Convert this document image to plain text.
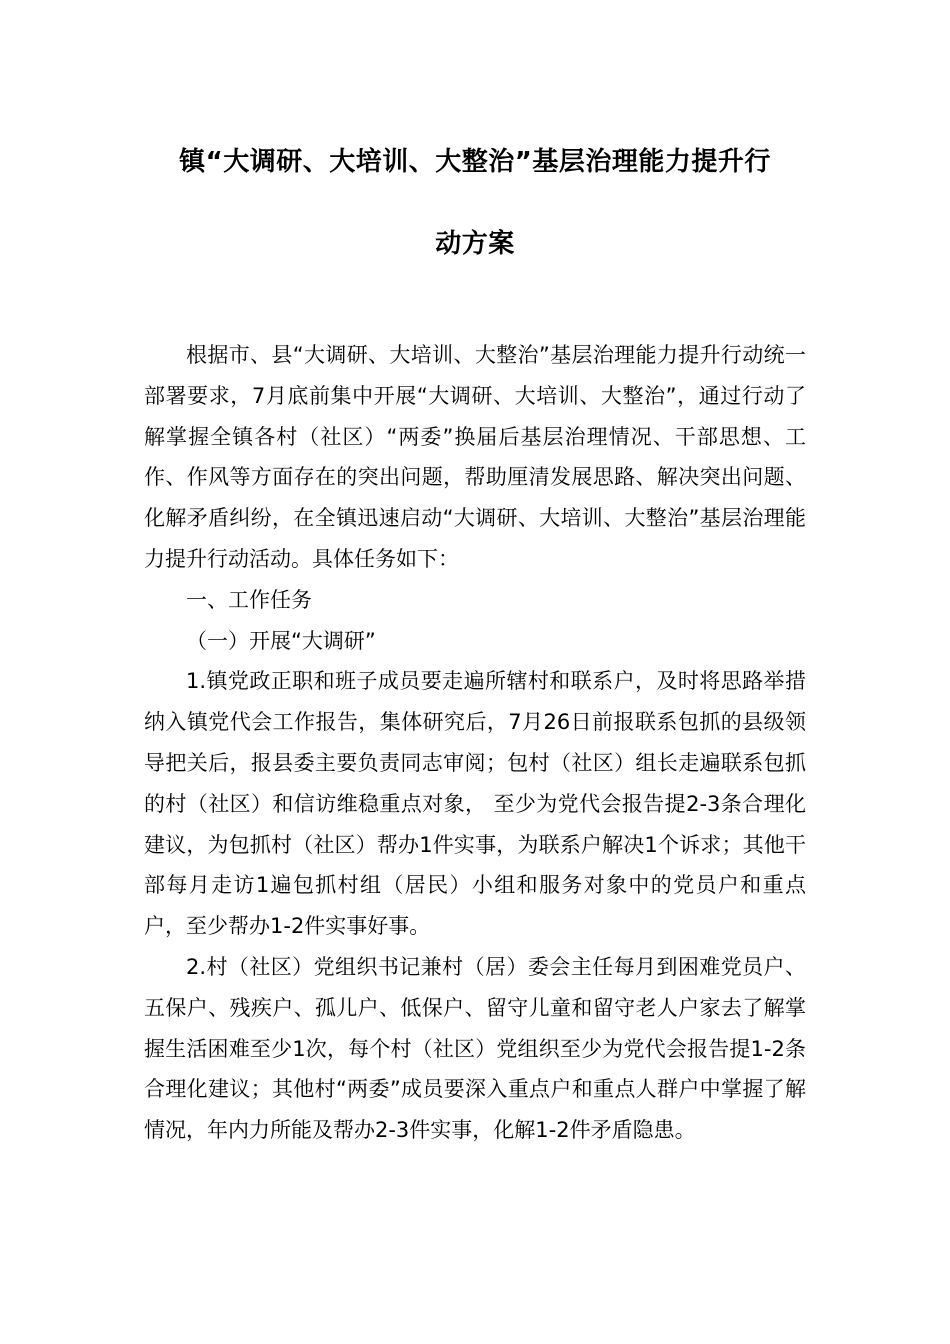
镇“大调研、大培训、大整治”基层治理能力提升行
动方案

根据市、县“大调研、大培训、大整治”基层治理能力提升行动统一部署要求，7月底前集中开展“大调研、大培训、大整治”，通过行动了解掌握全镇各村（社区）“两委”换届后基层治理情况、干部思想、工作、作风等方面存在的突出问题，帮助厘清发展思路、解决突出问题、化解矛盾纠纷，在全镇迅速启动“大调研、大培训、大整治”基层治理能力提升行动活动。具体任务如下：

一、工作任务

（一）开展“大调研”

1.镇党政正职和班子成员要走遍所辖村和联系户，及时将思路举措纳入镇党代会工作报告，集体研究后，7月26日前报联系包抓的县级领导把关后，报县委主要负责同志审阅；包村（社区）组长走遍联系包抓的村（社区）和信访维稳重点对象， 至少为党代会报告提2-3条合理化建议，为包抓村（社区）帮办1件实事，为联系户解决1个诉求；其他干部每月走访1遍包抓村组（居民）小组和服务对象中的党员户和重点户，至少帮办1-2件实事好事。

2.村（社区）党组织书记兼村（居）委会主任每月到困难党员户、五保户、残疾户、孤儿户、低保户、留守儿童和留守老人户家去了解掌握生活困难至少1次，每个村（社区）党组织至少为党代会报告提1-2条合理化建议；其他村“两委”成员要深入重点户和重点人群户中掌握了解情况，年内力所能及帮办2-3件实事，化解1-2件矛盾隐患。
